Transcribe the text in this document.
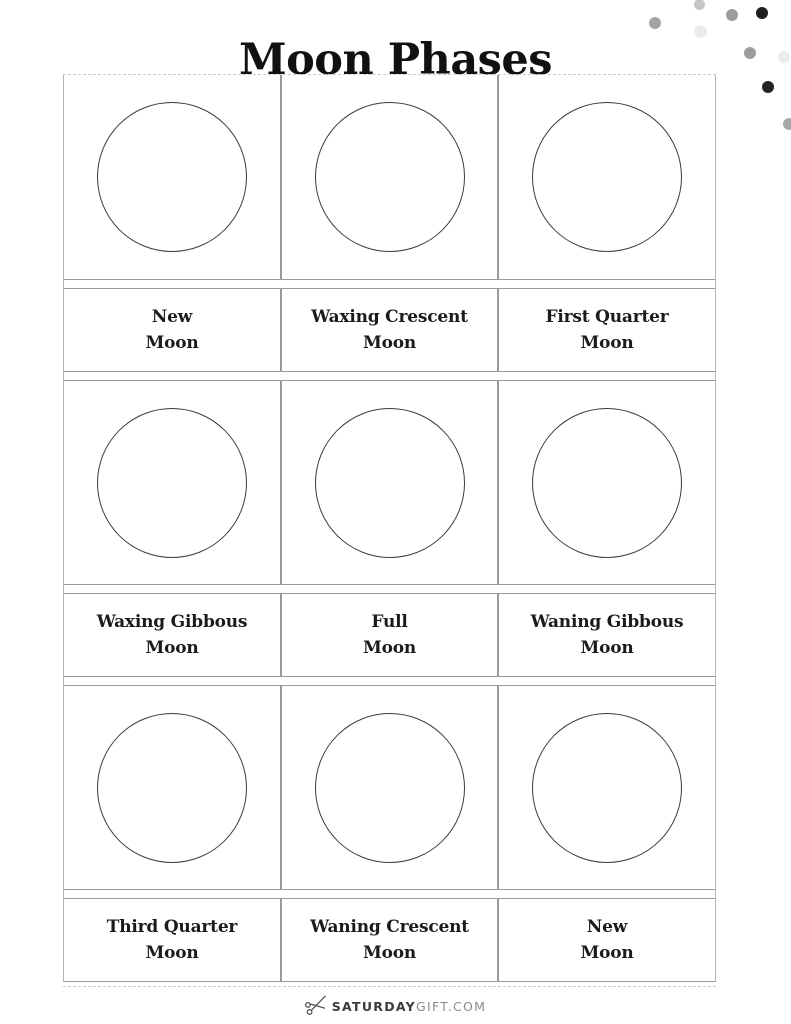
Moon Phases
New
Moon
Waxing Crescent
Moon
First Quarter
Moon
Waxing Gibbous
Moon
Full
Moon
Waning Gibbous
Moon
Third Quarter
Moon
Waning Crescent
Moon
New
Moon
SATURDAY GIFT.COM
